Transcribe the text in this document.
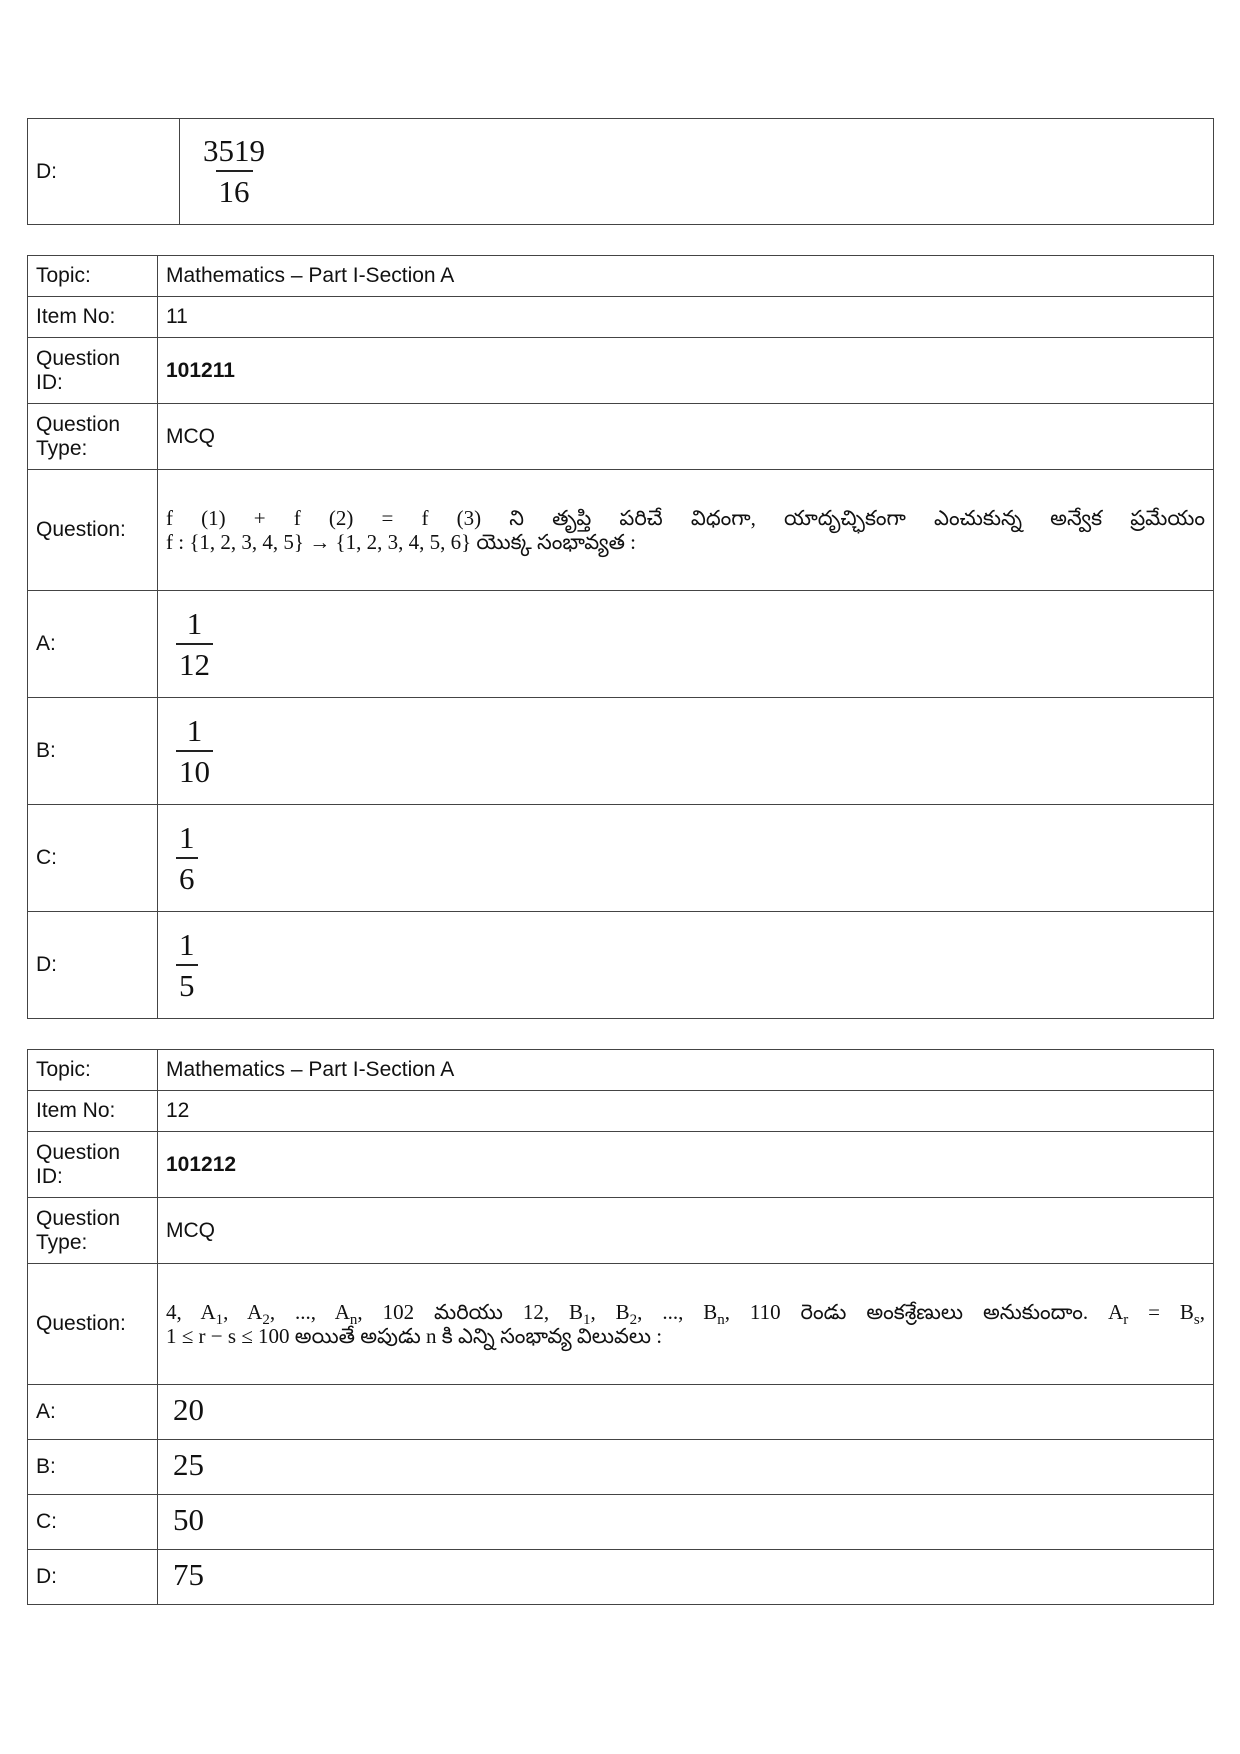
D:	$\frac{3519}{16}$
Topic:	Mathematics – Part I-Section A
Item No:	11
Question ID:	101211
Question Type:	MCQ
Question:	f (1) + f (2) = f (3) ని తృప్తి పరిచే విధంగా, యాదృచ్ఛికంగా ఎంచుకున్న అన్వేక ప్రమేయం
f : {1, 2, 3, 4, 5} → {1, 2, 3, 4, 5, 6} యొక్క సంభావ్యత :

A:	$\frac{1}{12}$

B:	$\frac{1}{10}$

C:	$\frac{1}{6}$

D:	$\frac{1}{5}$
Topic:	Mathematics – Part I-Section A
Item No:	12
Question ID:	101212
Question Type:	MCQ
Question:	4, $A_1$, $A_2$, ..., $A_n$, 102 మరియు 12, $B_1$, $B_2$, ..., $B_n$, 110 రెండు అంకశ్రేణులు అనుకుందాం. $A_r = B_s$,
1 ≤ r − s ≤ 100 అయితే అపుడు n కి ఎన్ని సంభావ్య విలువలు :

A:	20
B:	25
C:	50
D:	75
